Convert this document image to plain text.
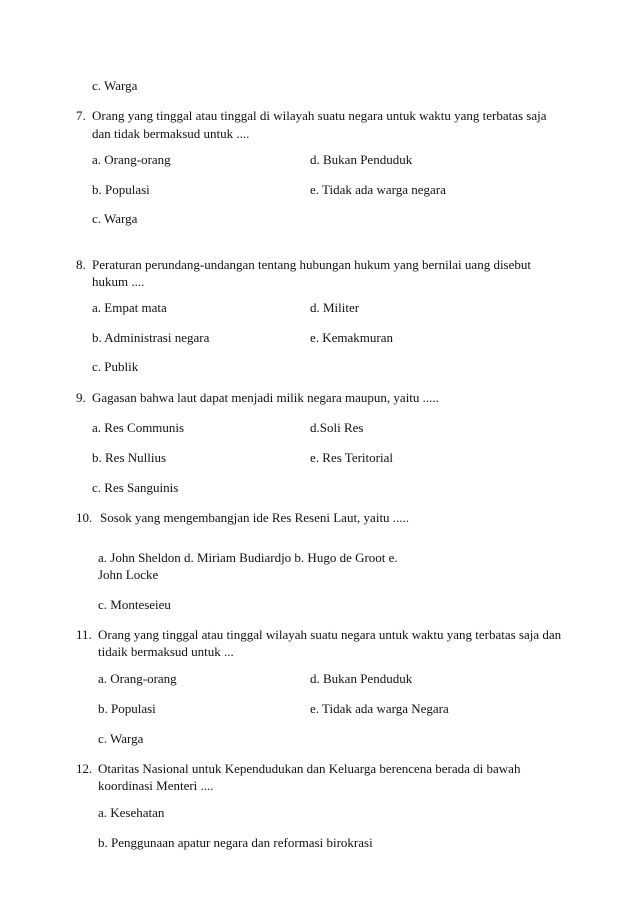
c. Warga
7. Orang yang tinggal atau tinggal di wilayah suatu negara untuk waktu yang terbatas saja
dan tidak bermaksud untuk ....
a. Orang-orang	d. Bukan Penduduk
b. Populasi	e. Tidak ada warga negara
c. Warga
8. Peraturan perundang-undangan tentang hubungan hukum yang bernilai uang disebut
hukum ....
a. Empat mata	d. Militer
b. Administrasi negara	e. Kemakmuran
c. Publik
9. Gagasan bahwa laut dapat menjadi milik negara maupun, yaitu .....
a. Res Communis	d.Soli Res
b. Res Nullius	e. Res Teritorial
c. Res Sanguinis
10. Sosok yang mengembangjan ide Res Reseni Laut, yaitu .....
a. John Sheldon d. Miriam Budiardjo b. Hugo de Groot e.
John Locke
c. Monteseieu
11. Orang yang tinggal atau tinggal wilayah suatu negara untuk waktu yang terbatas saja dan
tidaik bermaksud untuk ...
a. Orang-orang	d. Bukan Penduduk
b. Populasi	e. Tidak ada warga Negara
c. Warga
12. Otaritas Nasional untuk Kependudukan dan Keluarga berencena berada di bawah
koordinasi Menteri ....
a. Kesehatan
b. Penggunaan apatur negara dan reformasi birokrasi
